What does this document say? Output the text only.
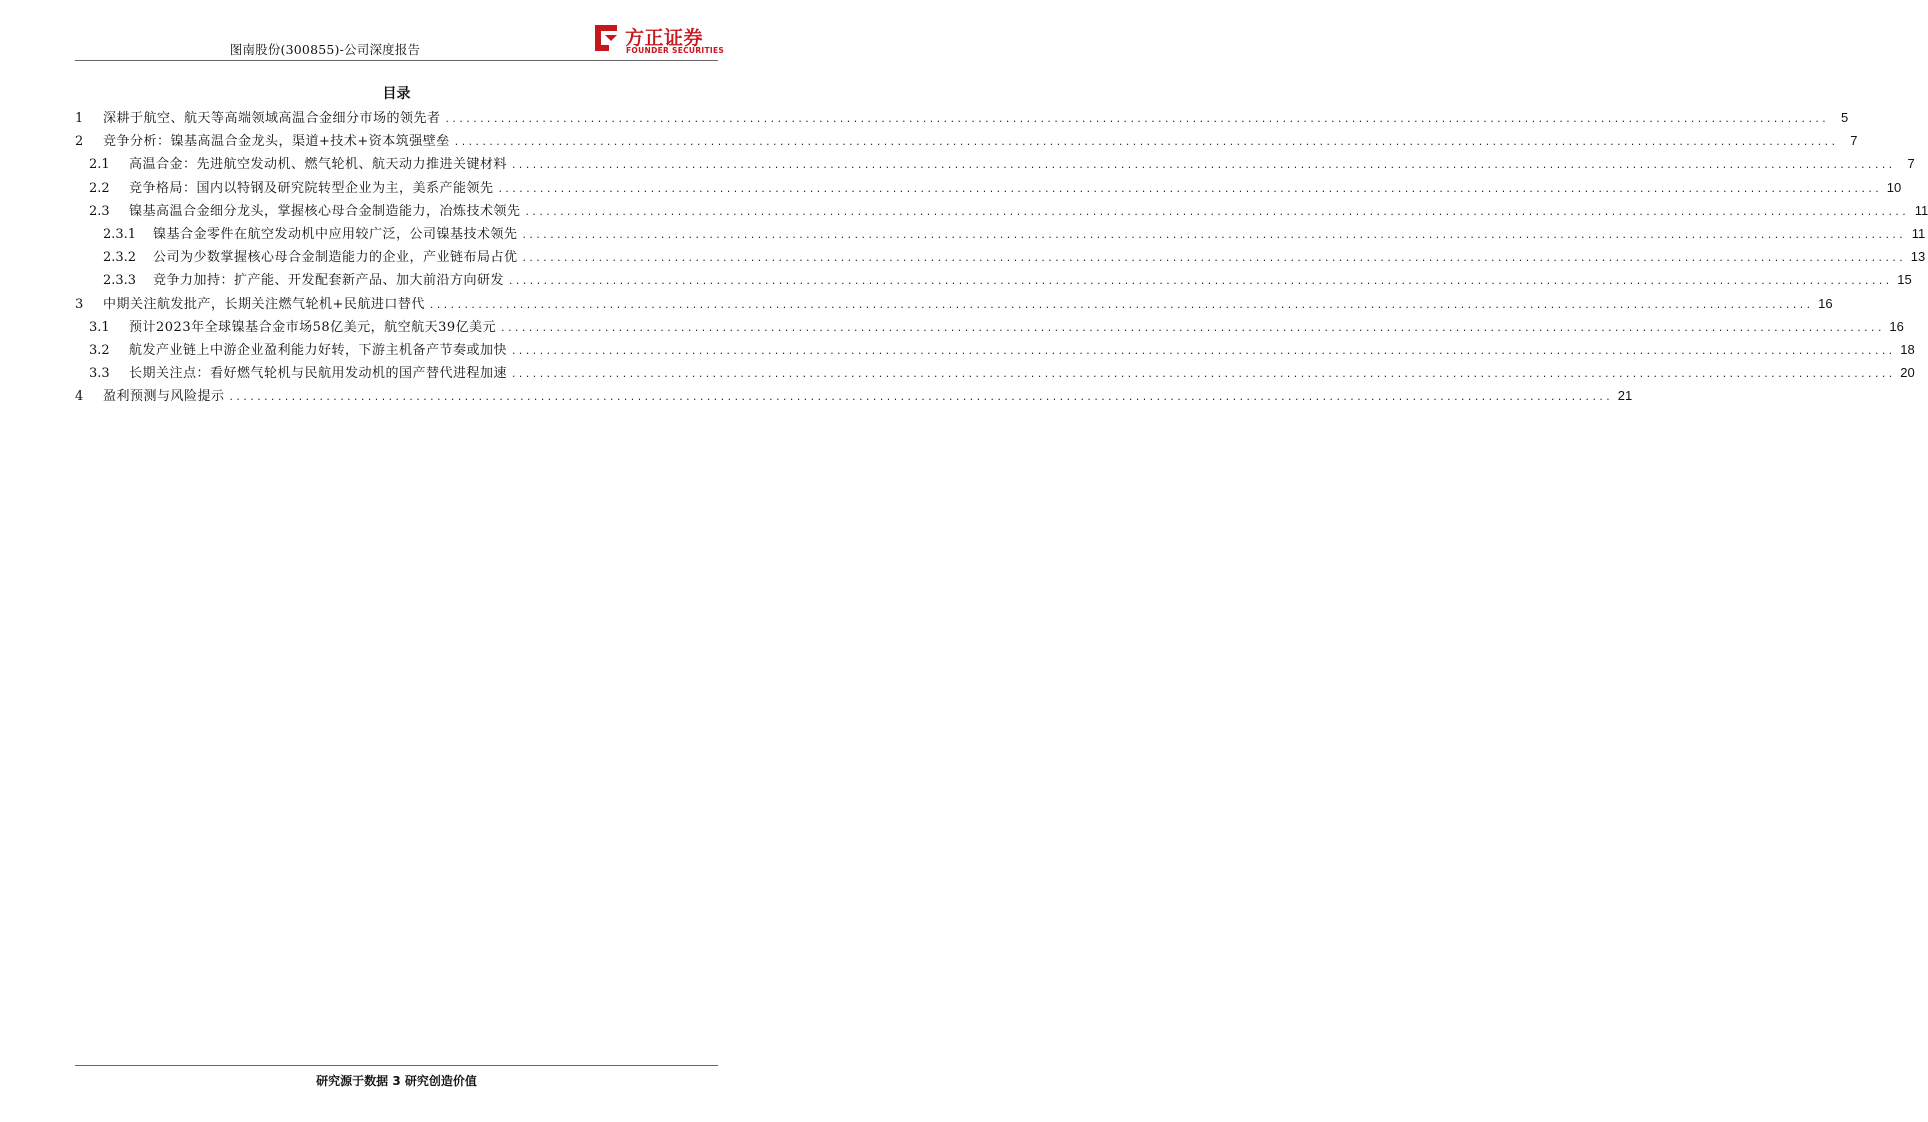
图南股份(300855)-公司深度报告
方正证券
FOUNDER SECURITIES
目录
1	深耕于航空、航天等高端领域高温合金细分市场的领先者 ........................................................................................................................................................................................................ 5
2	竞争分析：镍基高温合金龙头，渠道+技术+资本筑强壁垒 ........................................................................................................................................................................................................ 7
2.1	高温合金：先进航空发动机、燃气轮机、航天动力推进关键材料 ........................................................................................................................................................................................................ 7
2.2	竞争格局：国内以特钢及研究院转型企业为主，美系产能领先 ........................................................................................................................................................................................................ 10
2.3	镍基高温合金细分龙头，掌握核心母合金制造能力，冶炼技术领先 ........................................................................................................................................................................................................ 11
2.3.1	镍基合金零件在航空发动机中应用较广泛，公司镍基技术领先 ........................................................................................................................................................................................................ 11
2.3.2	公司为少数掌握核心母合金制造能力的企业，产业链布局占优 ........................................................................................................................................................................................................ 13
2.3.3	竞争力加持：扩产能、开发配套新产品、加大前沿方向研发 ........................................................................................................................................................................................................ 15
3	中期关注航发批产，长期关注燃气轮机+民航进口替代 ........................................................................................................................................................................................................ 16
3.1	预计2023年全球镍基合金市场58亿美元，航空航天39亿美元 ........................................................................................................................................................................................................ 16
3.2	航发产业链上中游企业盈利能力好转，下游主机备产节奏或加快 ........................................................................................................................................................................................................ 18
3.3	长期关注点：看好燃气轮机与民航用发动机的国产替代进程加速 ........................................................................................................................................................................................................ 20
4	盈利预测与风险提示 ........................................................................................................................................................................................................ 21
研究源于数据 3 研究创造价值
